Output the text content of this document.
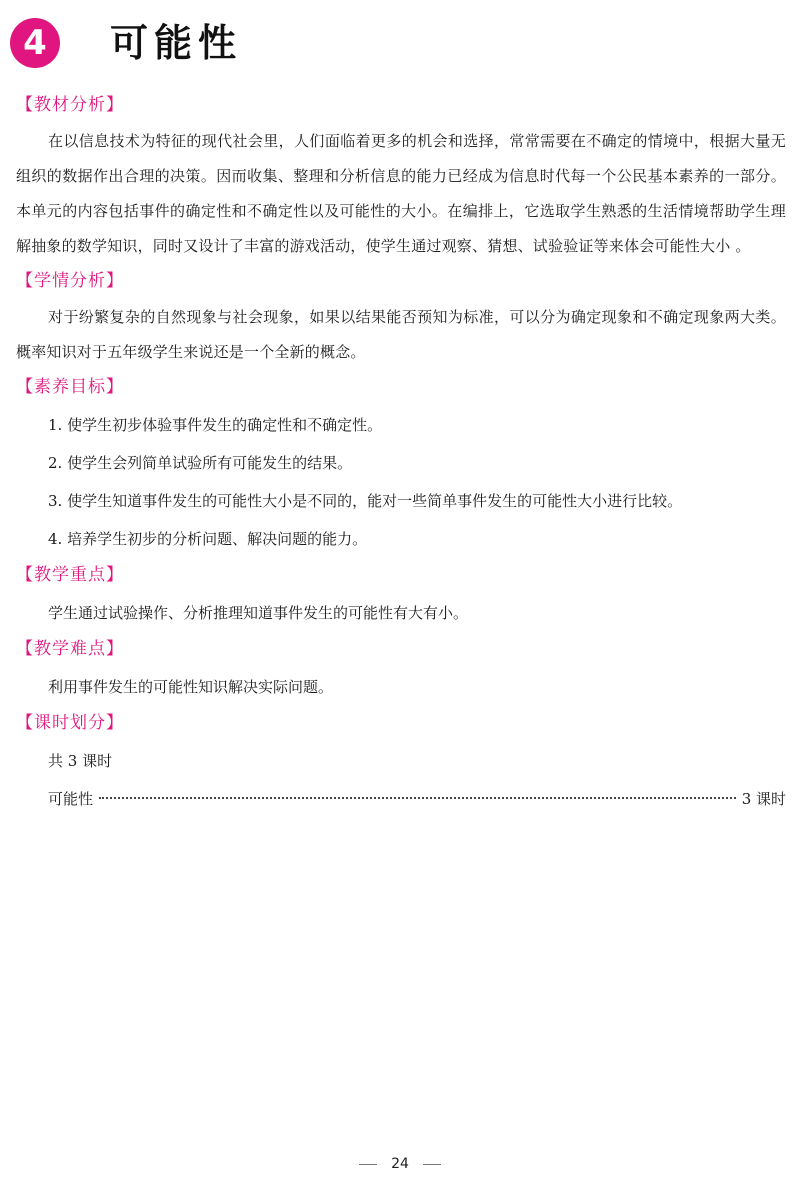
4	可能性
【教材分析】

在以信息技术为特征的现代社会里，人们面临着更多的机会和选择，常常需要在不确定的情境中，根据大量无组织的数据作出合理的决策。因而收集、整理和分析信息的能力已经成为信息时代每一个公民基本素养的一部分。本单元的内容包括事件的确定性和不确定性以及可能性的大小。在编排上，它选取学生熟悉的生活情境帮助学生理解抽象的数学知识，同时又设计了丰富的游戏活动，使学生通过观察、猜想、试验验证等来体会可能性大小 。

【学情分析】

对于纷繁复杂的自然现象与社会现象，如果以结果能否预知为标准，可以分为确定现象和不确定现象两大类。概率知识对于五年级学生来说还是一个全新的概念。

【素养目标】

1. 使学生初步体验事件发生的确定性和不确定性。

2. 使学生会列简单试验所有可能发生的结果。

3. 使学生知道事件发生的可能性大小是不同的，能对一些简单事件发生的可能性大小进行比较。

4. 培养学生初步的分析问题、解决问题的能力。

【教学重点】

学生通过试验操作、分析推理知道事件发生的可能性有大有小。

【教学难点】

利用事件发生的可能性知识解决实际问题。

【课时划分】

共 3 课时

可能性	3 课时
24
